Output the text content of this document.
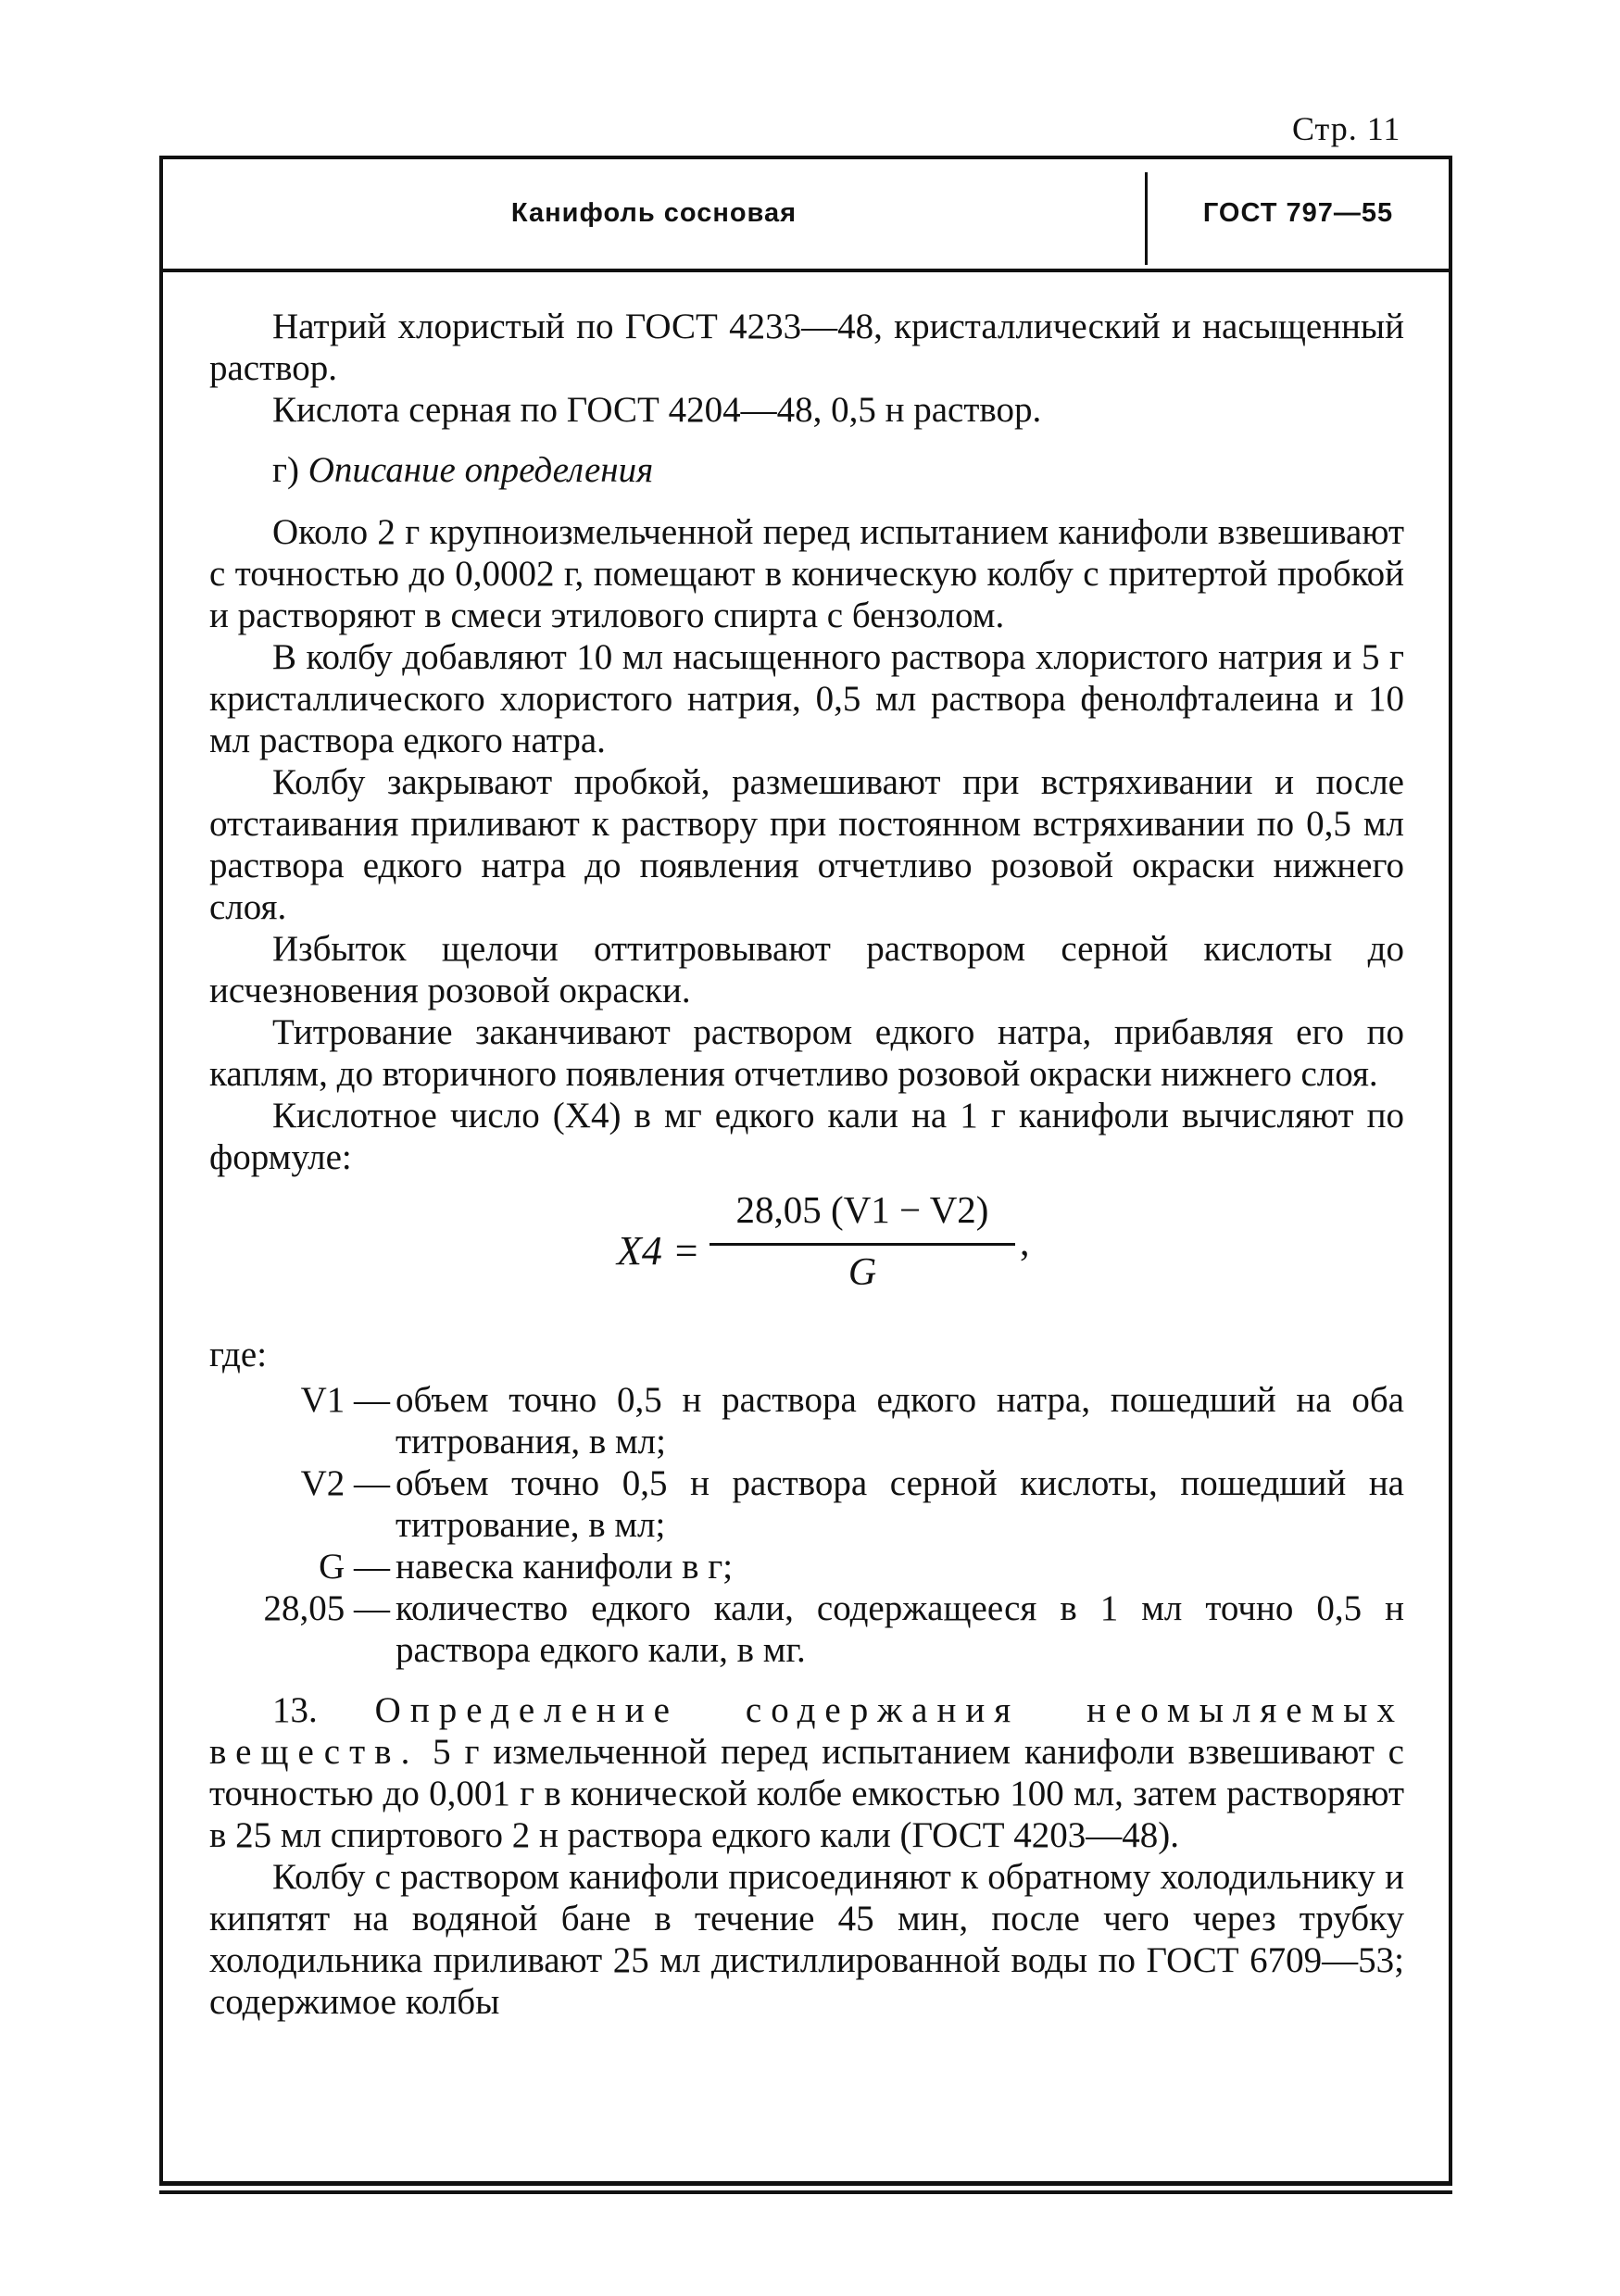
Стр. 11
Канифоль сосновая	ГОСТ 797—55

Натрий хлористый по ГОСТ 4233—48, кристаллический и насыщенный раствор.

Кислота серная по ГОСТ 4204—48, 0,5 н раствор.

г) Описание определения

Около 2 г крупноизмельченной перед испытанием канифоли взвешивают с точностью до 0,0002 г, помещают в коническую колбу с притертой пробкой и растворяют в смеси этилового спирта с бензолом.

В колбу добавляют 10 мл насыщенного раствора хлористого натрия и 5 г кристаллического хлористого натрия, 0,5 мл раствора фенолфталеина и 10 мл раствора едкого натра.

Колбу закрывают пробкой, размешивают при встряхивании и после отстаивания приливают к раствору при постоянном встряхивании по 0,5 мл раствора едкого натра до появления отчетливо розовой окраски нижнего слоя.

Избыток щелочи оттитровывают раствором серной кислоты до исчезновения розовой окраски.

Титрование заканчивают раствором едкого натра, прибавляя его по каплям, до вторичного появления отчетливо розовой окраски нижнего слоя.

Кислотное число (X4) в мг едкого кали на 1 г канифоли вычисляют по формуле:

X4 =
28,05 (V1 − V2)
G
,

где:

V1 — объем точно 0,5 н раствора едкого натра, пошедший на оба титрования, в мл;
V2 — объем точно 0,5 н раствора серной кислоты, пошедший на титрование, в мл;
G — навеска канифоли в г;
28,05 — количество едкого кали, содержащееся в 1 мл точно 0,5 н раствора едкого кали, в мг.

13. Определение содержания неомыляемых веществ. 5 г измельченной перед испытанием канифоли взвешивают с точностью до 0,001 г в конической колбе емкостью 100 мл, затем растворяют в 25 мл спиртового 2 н раствора едкого кали (ГОСТ 4203—48).

Колбу с раствором канифоли присоединяют к обратному холодильнику и кипятят на водяной бане в течение 45 мин, после чего через трубку холодильника приливают 25 мл дистиллированной воды по ГОСТ 6709—53; содержимое колбы
